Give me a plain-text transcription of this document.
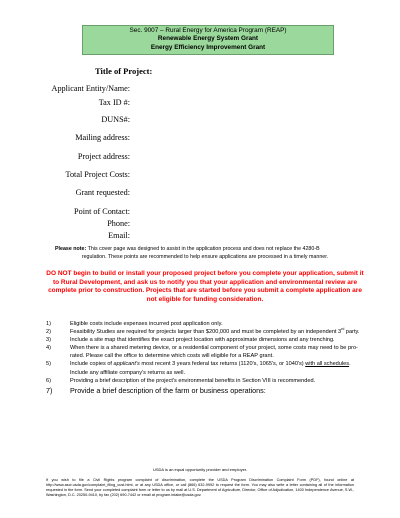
Sec. 9007 – Rural Energy for America Program (REAP)
Renewable Energy System Grant
Energy Efficiency Improvement Grant
Title of Project:
Applicant Entity/Name:
Tax ID #:
DUNS#:
Mailing address:
Project address:
Total Project Costs:
Grant requested:
Point of Contact:
Phone:
Email:
Please note: This cover page was designed to assist in the application process and does not replace the 4280-B
regulation. These points are recommended to help ensure applications are processed in a timely manner.
DO NOT begin to build or install your proposed project before you complete your application, submit it to Rural Development, and ask us to notify you that your application and environmental review are complete prior to construction. Projects that are started before you submit a complete application are
not eligible for funding consideration.
1)	Eligible costs include expenses incurred post application only.
2)	Feasibility Studies are required for projects larger than $200,000 and must be completed by an independent 3rd party.
3)	Include a site map that identifies the exact project location with approximate dimensions and any trenching.
4)	When there is a shared metering device, or a residential component of your project, some costs may need to be pro-rated. Please call the office to determine which costs will eligible for a REAP grant.
5)	Include copies of applicant's most recent 3 years federal tax returns (1120's, 1065's, or 1040's) with all schedules. Include any affiliate company's returns as well.
6)	Providing a brief description of the project's environmental benefits in Section VIII is recommended.
7) Provide a brief description of the farm or business operations:
USDA is an equal opportunity provider and employer.
If you wish to file a Civil Rights program complaint of discrimination, complete the USDA Program Discrimination Complaint Form (PDF), found online at http://www.ascr.usda.gov/complaint_filing_cust.html, or at any USDA office, or call (866) 632-9992 to request the form. You may also write a letter containing all of the information requested in the form. Send your completed complaint form or letter to us by mail at U.S. Department of Agriculture, Director, Office of Adjudication, 1400 Independence Avenue, S.W., Washington, D.C. 20250-9410, by fax (202) 690-7442 or email at program.intake@usda.gov.
